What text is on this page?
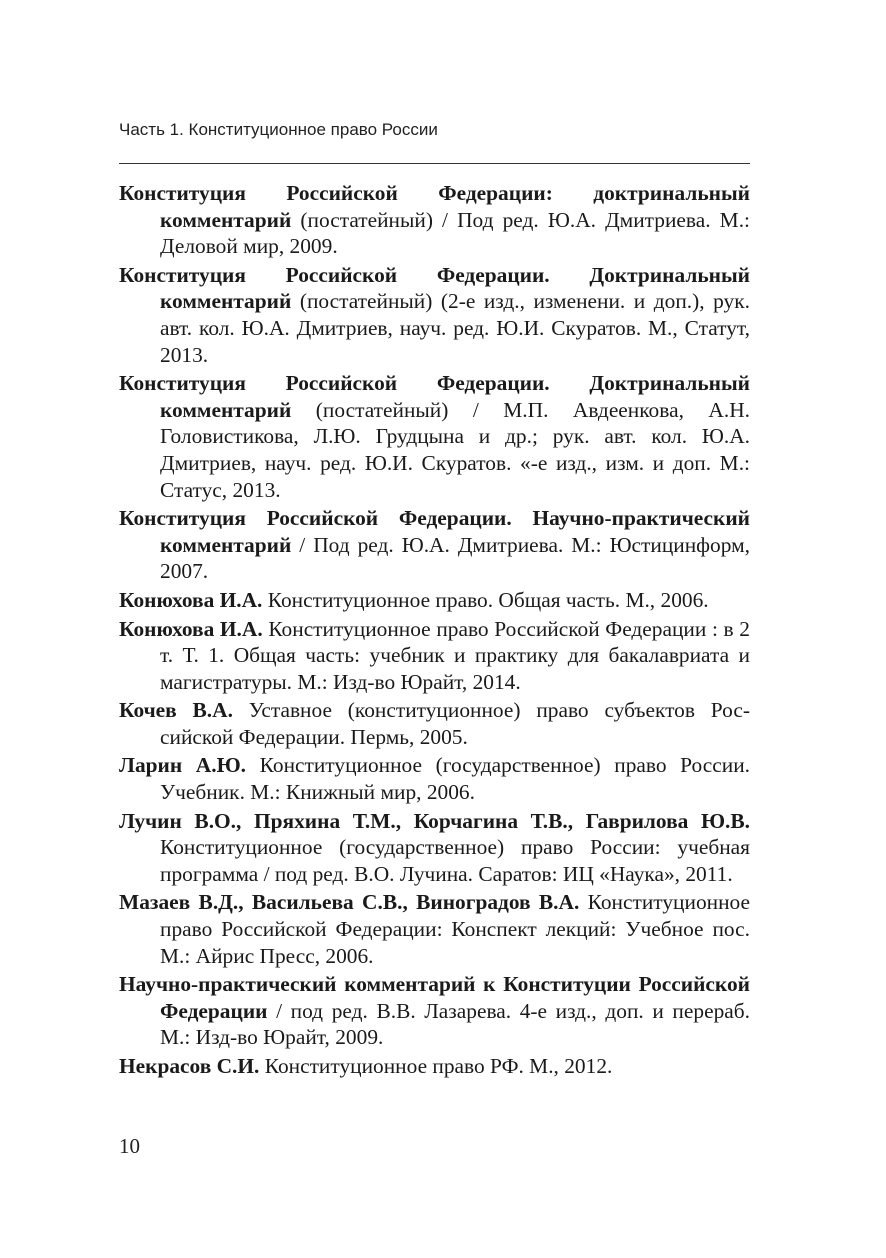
Часть 1. Конституционное право России

Конституция Российской Федерации: доктринальный комментарий (постатейный) / Под ред. Ю.А. Дмитриева. М.: Деловой мир, 2009.

Конституция Российской Федерации. Доктринальный комментарий (постатейный) (2-е изд., изменени. и доп.), рук. авт. кол. Ю.А. Дмитриев, науч. ред. Ю.И. Скуратов. М., Статут, 2013.

Конституция Российской Федерации. Доктринальный комментарий (постатейный) / М.П. Авдеенкова, А.Н. Головистикова, Л.Ю. Грудцына и др.; рук. авт. кол. Ю.А. Дмитриев, науч. ред. Ю.И. Скуратов. «-е изд., изм. и доп. М.: Статус, 2013.

Конституция Российской Федерации. Научно-практический комментарий / Под ред. Ю.А. Дмитриева. М.: Юстицинформ, 2007.

Конюхова И.А. Конституционное право. Общая часть. М., 2006.

Конюхова И.А. Конституционное право Российской Федерации : в 2 т. Т. 1. Общая часть: учебник и практику для бакалавриата и магистратуры. М.: Изд-во Юрайт, 2014.

Кочев В.А. Уставное (конституционное) право субъектов Российской Федерации. Пермь, 2005.

Ларин А.Ю. Конституционное (государственное) право России. Учебник. М.: Книжный мир, 2006.

Лучин В.О., Пряхина Т.М., Корчагина Т.В., Гаврилова Ю.В. Конституционное (государственное) право России: учебная программа / под ред. В.О. Лучина. Саратов: ИЦ «Наука», 2011.

Мазаев В.Д., Васильева С.В., Виноградов В.А. Конституционное право Российской Федерации: Конспект лекций: Учебное пос. М.: Айрис Пресс, 2006.

Научно-практический комментарий к Конституции Российской Федерации / под ред. В.В. Лазарева. 4-е изд., доп. и перераб. М.: Изд-во Юрайт, 2009.

Некрасов С.И. Конституционное право РФ. М., 2012.

10
